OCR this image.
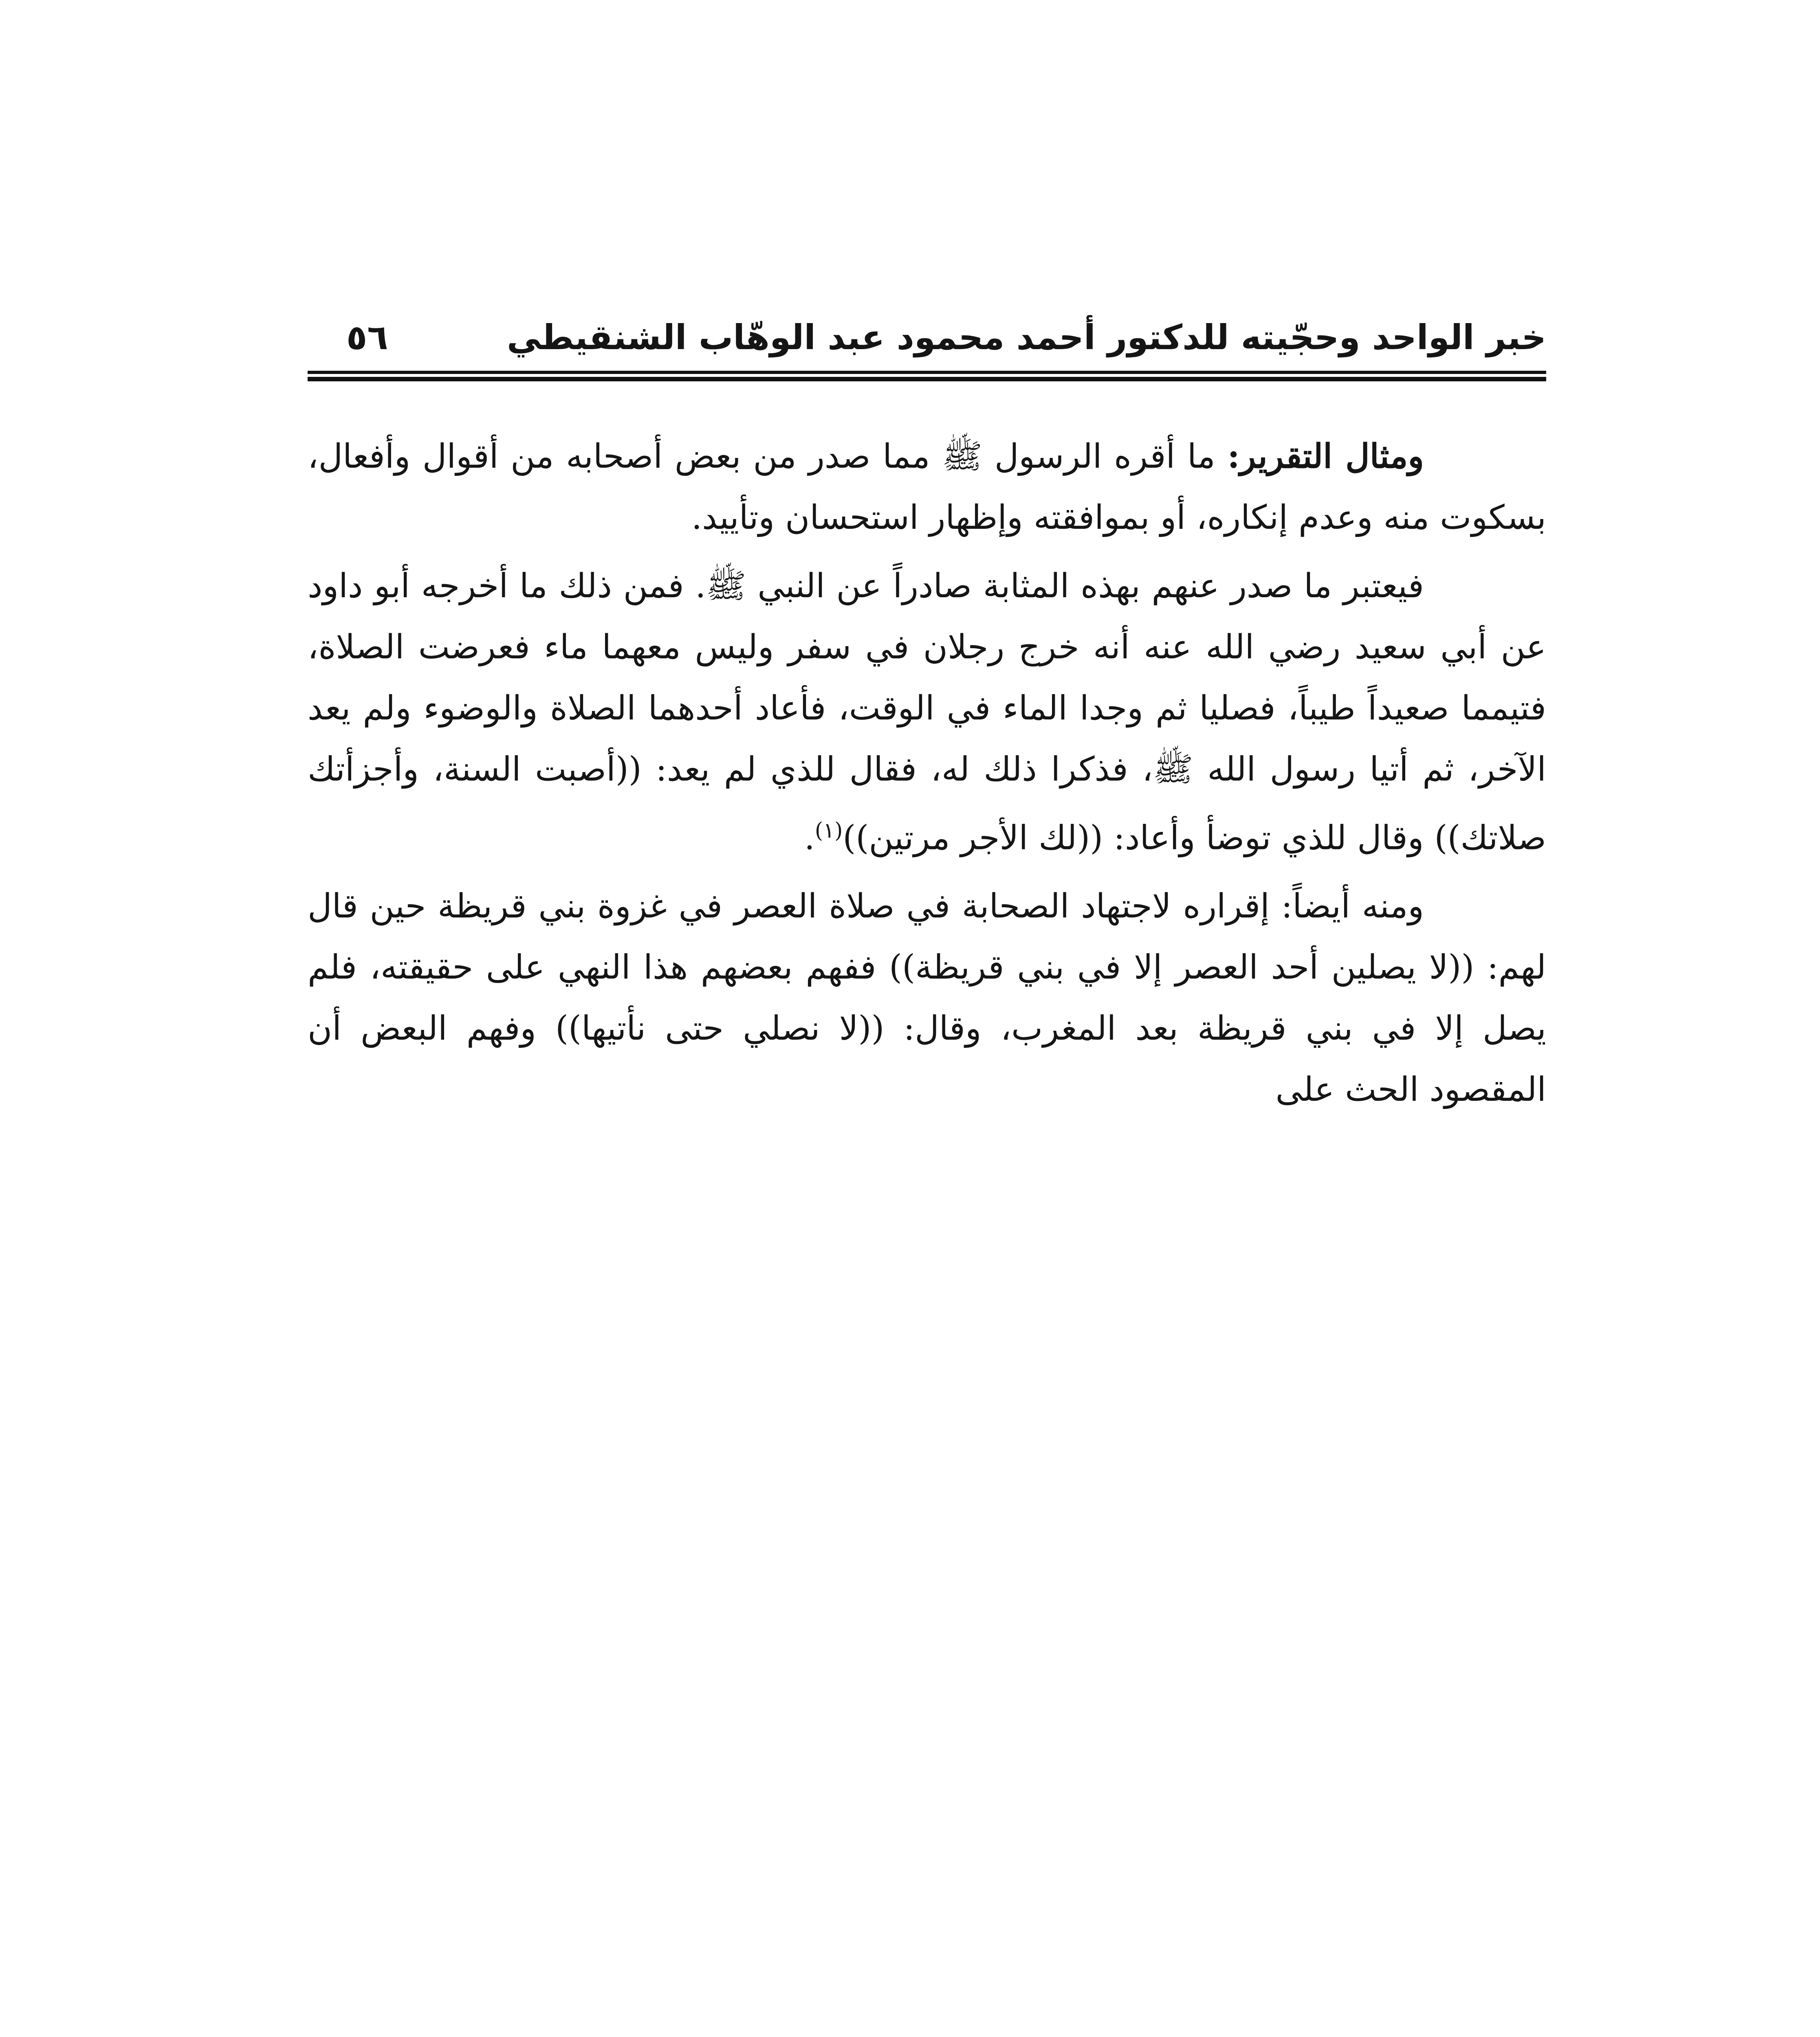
خبر الواحد وحجّيته للدكتور أحمد محمود عبد الوهّاب الشنقيطي
٥٦

ومثال التقرير: ما أقره الرسول ﷺ مما صدر من بعض أصحابه من أقوال وأفعال، بسكوت منه وعدم إنكاره، أو بموافقته وإظهار استحسان وتأييد.

فيعتبر ما صدر عنهم بهذه المثابة صادراً عن النبي ﷺ. فمن ذلك ما أخرجه أبو داود عن أبي سعيد رضي الله عنه أنه خرج رجلان في سفر وليس معهما ماء فعرضت الصلاة، فتيمما صعيداً طيباً، فصليا ثم وجدا الماء في الوقت، فأعاد أحدهما الصلاة والوضوء ولم يعد الآخر، ثم أتيا رسول الله ﷺ، فذكرا ذلك له، فقال للذي لم يعد: ((أصبت السنة، وأجزأتك صلاتك)) وقال للذي توضأ وأعاد: ((لك الأجر مرتين))$^{(١)}$.

ومنه أيضاً: إقراره لاجتهاد الصحابة في صلاة العصر في غزوة بني قريظة حين قال لهم: ((لا يصلين أحد العصر إلا في بني قريظة)) ففهم بعضهم هذا النهي على حقيقته، فلم يصل إلا في بني قريظة بعد المغرب، وقال: ((لا نصلي حتى نأتيها)) وفهم البعض أن المقصود الحث على
